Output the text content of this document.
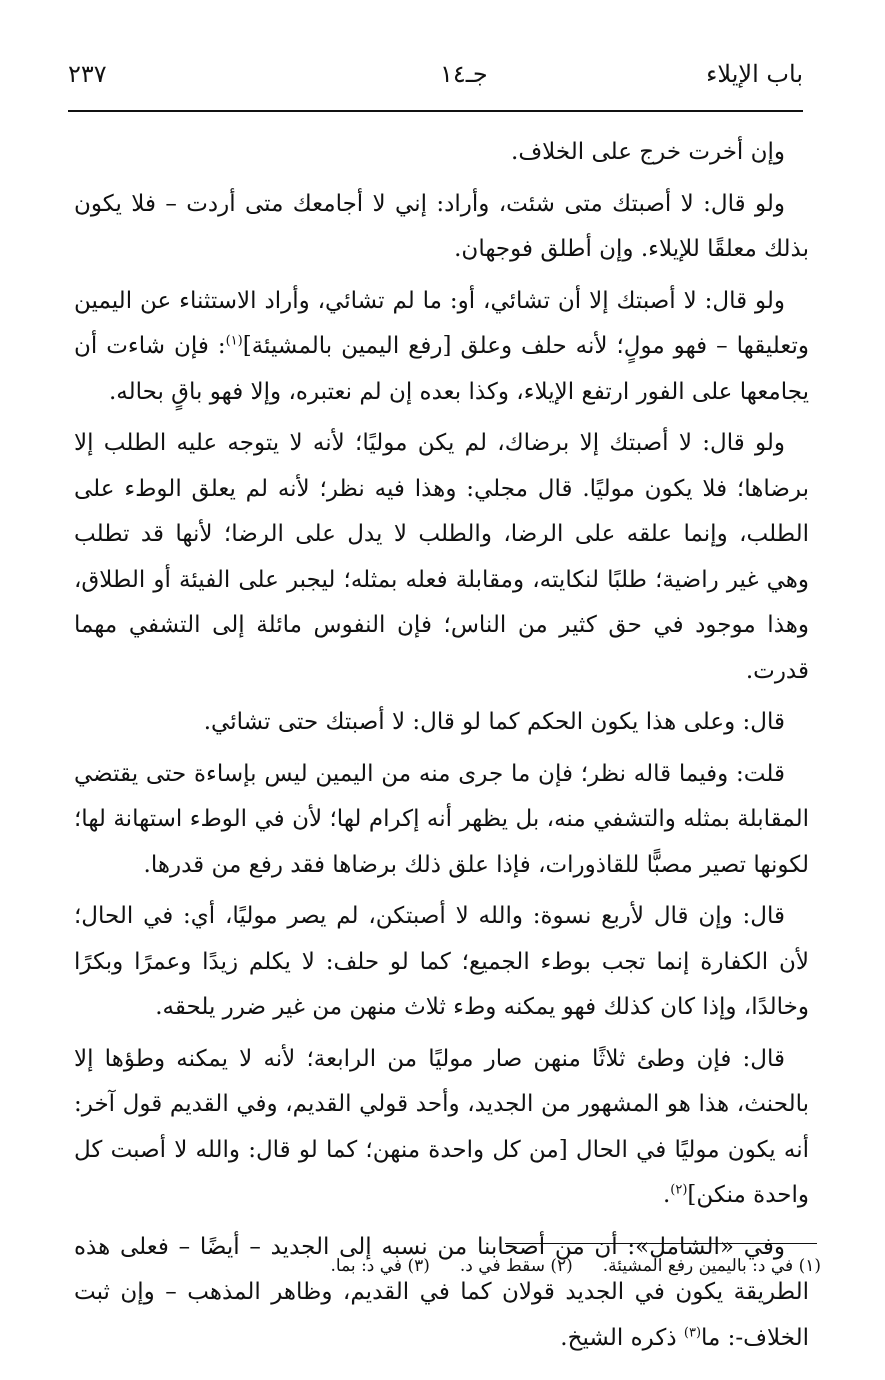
باب الإيلاء
جـ١٤
٢٣٧

وإن أخرت خرج على الخلاف.

ولو قال: لا أصبتك متى شئت، وأراد: إني لا أجامعك متى أردت – فلا يكون بذلك معلقًا للإيلاء. وإن أطلق فوجهان.

ولو قال: لا أصبتك إلا أن تشائي، أو: ما لم تشائي، وأراد الاستثناء عن اليمين وتعليقها – فهو مولٍ؛ لأنه حلف وعلق [رفع اليمين بالمشيئة]$^{(١)}$: فإن شاءت أن يجامعها على الفور ارتفع الإيلاء، وكذا بعده إن لم نعتبره، وإلا فهو باقٍ بحاله.

ولو قال: لا أصبتك إلا برضاك، لم يكن موليًا؛ لأنه لا يتوجه عليه الطلب إلا برضاها؛ فلا يكون موليًا. قال مجلي: وهذا فيه نظر؛ لأنه لم يعلق الوطء على الطلب، وإنما علقه على الرضا، والطلب لا يدل على الرضا؛ لأنها قد تطلب وهي غير راضية؛ طلبًا لنكايته، ومقابلة فعله بمثله؛ ليجبر على الفيئة أو الطلاق، وهذا موجود في حق كثير من الناس؛ فإن النفوس مائلة إلى التشفي مهما قدرت.

قال: وعلى هذا يكون الحكم كما لو قال: لا أصبتك حتى تشائي.

قلت: وفيما قاله نظر؛ فإن ما جرى منه من اليمين ليس بإساءة حتى يقتضي المقابلة بمثله والتشفي منه، بل يظهر أنه إكرام لها؛ لأن في الوطء استهانة لها؛ لكونها تصير مصبًّا للقاذورات، فإذا علق ذلك برضاها فقد رفع من قدرها.

قال: وإن قال لأربع نسوة: والله لا أصبتكن، لم يصر موليًا، أي: في الحال؛ لأن الكفارة إنما تجب بوطء الجميع؛ كما لو حلف: لا يكلم زيدًا وعمرًا وبكرًا وخالدًا، وإذا كان كذلك فهو يمكنه وطء ثلاث منهن من غير ضرر يلحقه.

قال: فإن وطئ ثلاثًا منهن صار موليًا من الرابعة؛ لأنه لا يمكنه وطؤها إلا بالحنث، هذا هو المشهور من الجديد، وأحد قولي القديم، وفي القديم قول آخر: أنه يكون موليًا في الحال [من كل واحدة منهن؛ كما لو قال: والله لا أصبت كل واحدة منكن]$^{(٢)}$.

وفي «الشامل»: أن من أصحابنا من نسبه إلى الجديد – أيضًا – فعلى هذه الطريقة يكون في الجديد قولان كما في القديم، وظاهر المذهب – وإن ثبت الخلاف-: ما$^{(٣)}$ ذكره الشيخ.

(١) في د: باليمين رفع المشيئة.
(٢) سقط في د.
(٣) في د: بما.
